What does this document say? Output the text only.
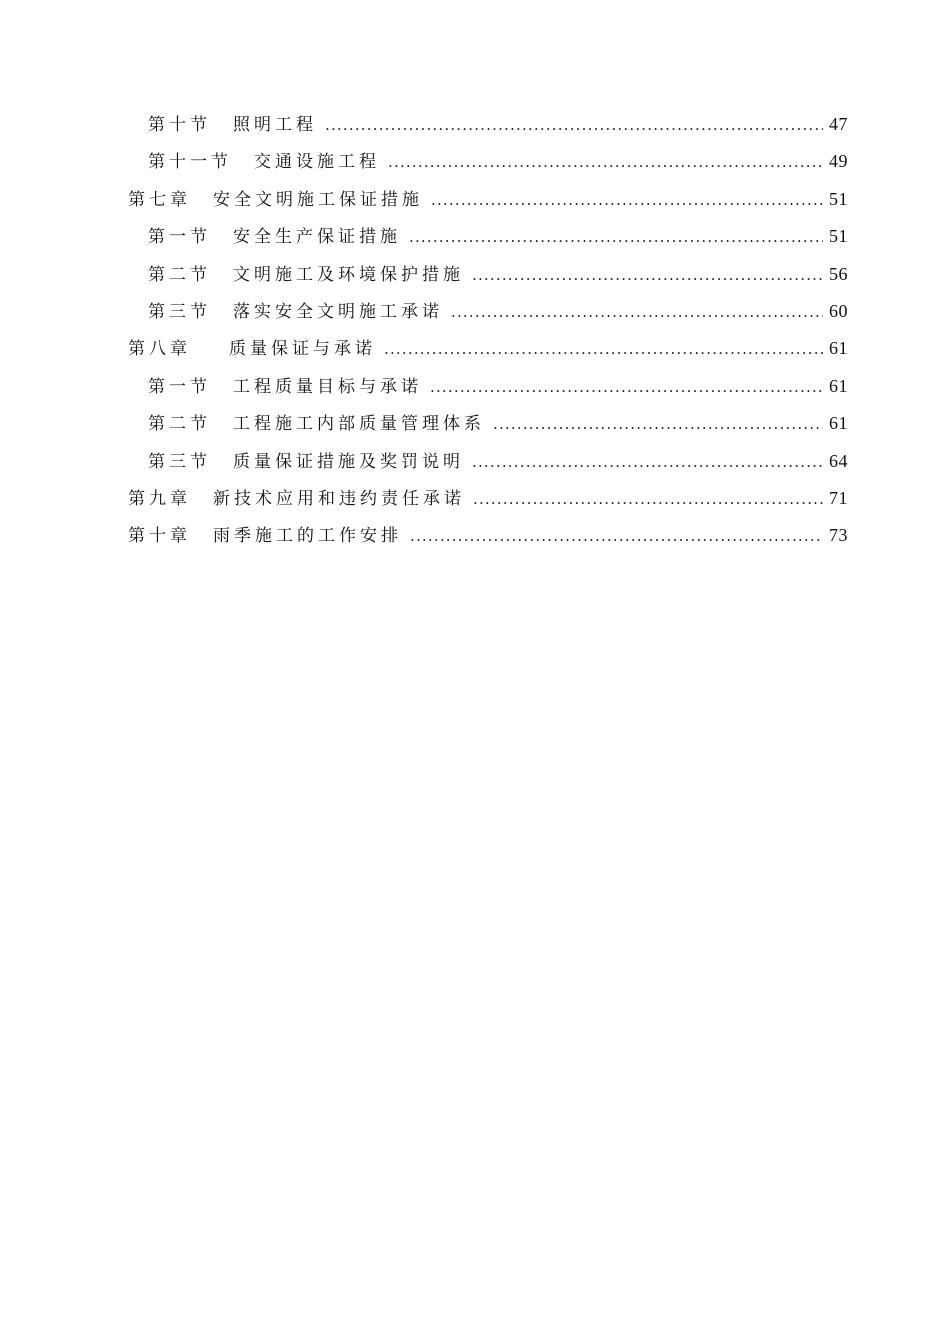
第十节 照明工程 .....	47
第十一节 交通设施工程 .....	49
第七章 安全文明施工保证措施 .....	51
第一节 安全生产保证措施 .....	51
第二节 文明施工及环境保护措施 .....	56
第三节 落实安全文明施工承诺 .....	60
第八章 质量保证与承诺 .....	61
第一节 工程质量目标与承诺 .....	61
第二节 工程施工内部质量管理体系 .....	61
第三节 质量保证措施及奖罚说明 .....	64
第九章 新技术应用和违约责任承诺 .....	71
第十章 雨季施工的工作安排 .....	73
